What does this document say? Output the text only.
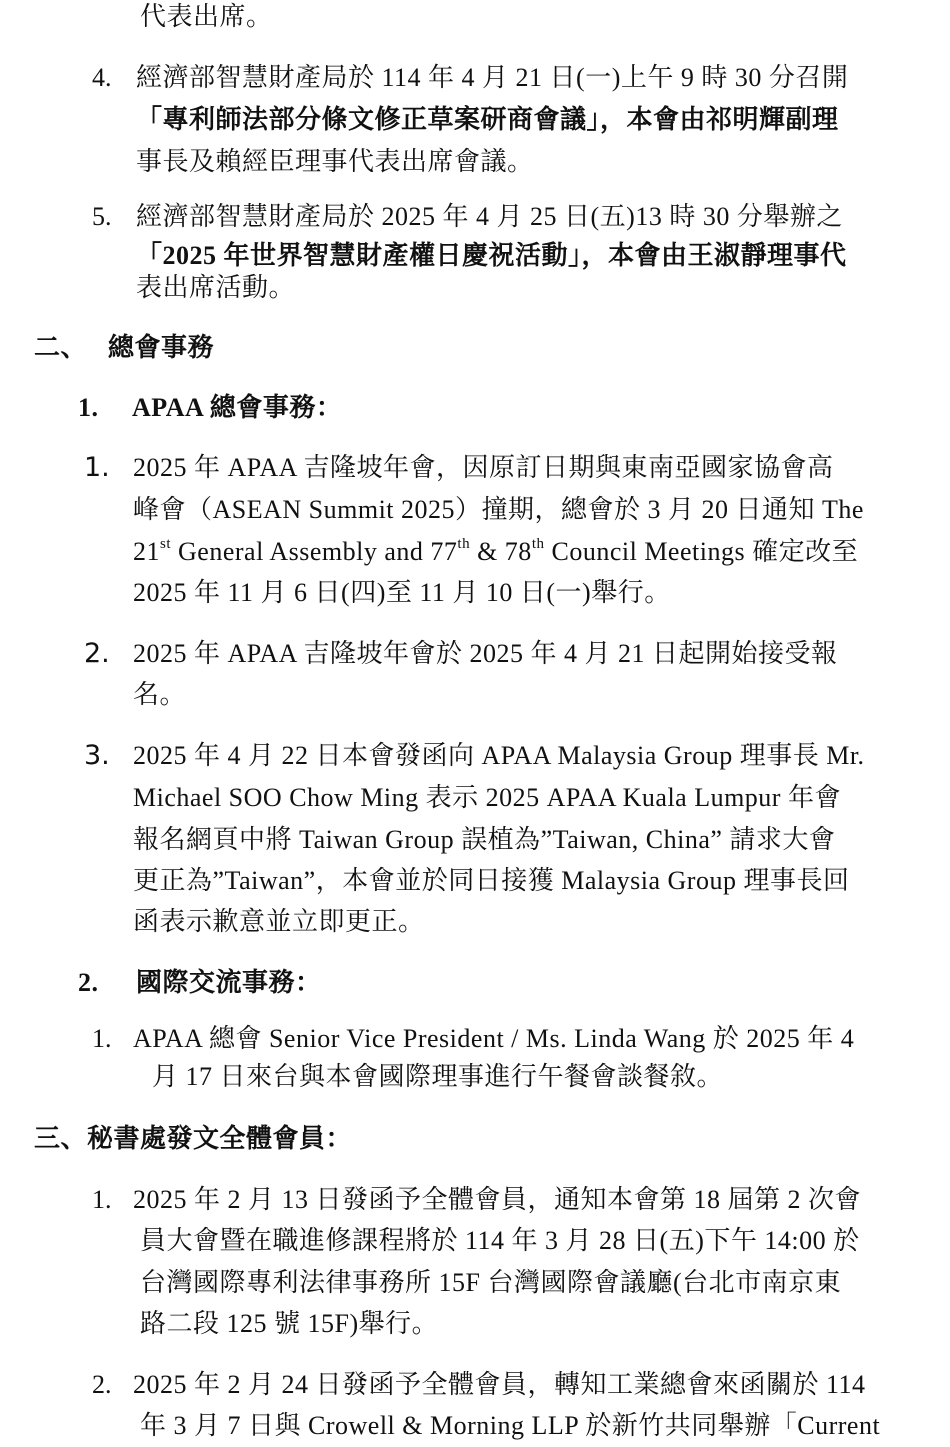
代表出席。
4. 經濟部智慧財產局於 114 年 4 月 21 日(一)上午 9 時 30 分召開
「專利師法部分條文修正草案研商會議」，本會由祁明輝副理
事長及賴經臣理事代表出席會議。
5. 經濟部智慧財產局於 2025 年 4 月 25 日(五)13 時 30 分舉辦之
「2025 年世界智慧財產權日慶祝活動」，本會由王淑靜理事代
表出席活動。
二、 總會事務
1. APAA 總會事務：
1. 2025 年 APAA 吉隆坡年會，因原訂日期與東南亞國家協會高
峰會（ASEAN Summit 2025）撞期，總會於 3 月 20 日通知 The
21st General Assembly and 77th & 78th Council Meetings 確定改至
2025 年 11 月 6 日(四)至 11 月 10 日(一)舉行。
2. 2025 年 APAA 吉隆坡年會於 2025 年 4 月 21 日起開始接受報
名。
3. 2025 年 4 月 22 日本會發函向 APAA Malaysia Group 理事長 Mr.
Michael SOO Chow Ming 表示 2025 APAA Kuala Lumpur 年會
報名網頁中將 Taiwan Group 誤植為”Taiwan, China” 請求大會
更正為”Taiwan”，本會並於同日接獲 Malaysia Group 理事長回
函表示歉意並立即更正。
2. 國際交流事務：
1. APAA 總會 Senior Vice President / Ms. Linda Wang 於 2025 年 4
月 17 日來台與本會國際理事進行午餐會談餐敘。
三、秘書處發文全體會員：
1. 2025 年 2 月 13 日發函予全體會員，通知本會第 18 屆第 2 次會
員大會暨在職進修課程將於 114 年 3 月 28 日(五)下午 14:00 於
台灣國際專利法律事務所 15F 台灣國際會議廳(台北市南京東
路二段 125 號 15F)舉行。
2. 2025 年 2 月 24 日發函予全體會員，轉知工業總會來函關於 114
年 3 月 7 日與 Crowell & Morning LLP 於新竹共同舉辦「Current
